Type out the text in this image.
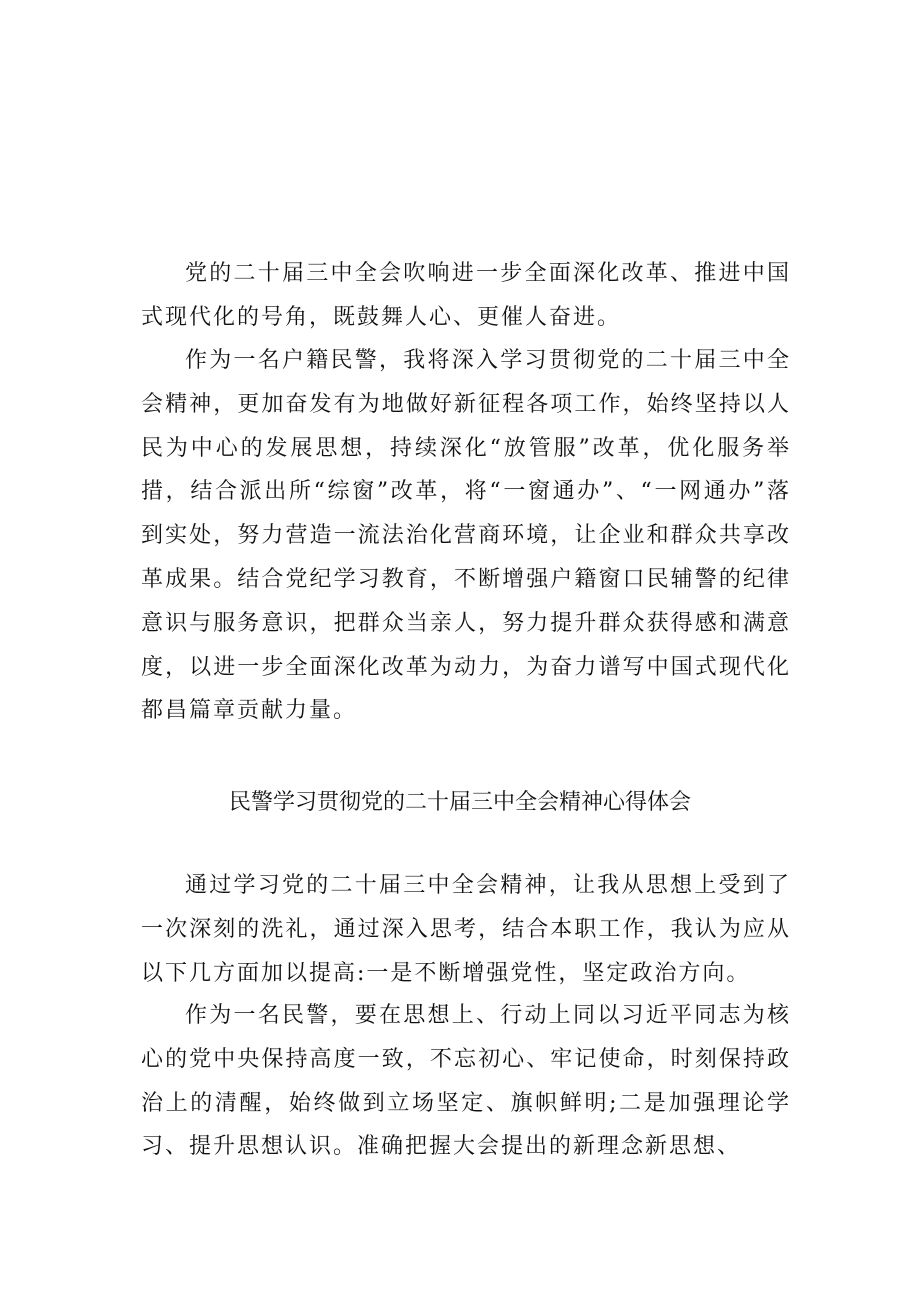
党的二十届三中全会吹响进一步全面深化改革、推进中国式现代化的号角，既鼓舞人心、更催人奋进。

作为一名户籍民警，我将深入学习贯彻党的二十届三中全会精神，更加奋发有为地做好新征程各项工作，始终坚持以人民为中心的发展思想，持续深化“放管服”改革，优化服务举措，结合派出所“综窗”改革，将“一窗通办”、“一网通办”落到实处，努力营造一流法治化营商环境，让企业和群众共享改革成果。结合党纪学习教育，不断增强户籍窗口民辅警的纪律意识与服务意识，把群众当亲人，努力提升群众获得感和满意度，以进一步全面深化改革为动力，为奋力谱写中国式现代化都昌篇章贡献力量。

民警学习贯彻党的二十届三中全会精神心得体会

通过学习党的二十届三中全会精神，让我从思想上受到了一次深刻的洗礼，通过深入思考，结合本职工作，我认为应从以下几方面加以提高:一是不断增强党性，坚定政治方向。

作为一名民警，要在思想上、行动上同以习近平同志为核心的党中央保持高度一致，不忘初心、牢记使命，时刻保持政治上的清醒，始终做到立场坚定、旗帜鲜明;二是加强理论学习、提升思想认识。准确把握大会提出的新理念新思想、
